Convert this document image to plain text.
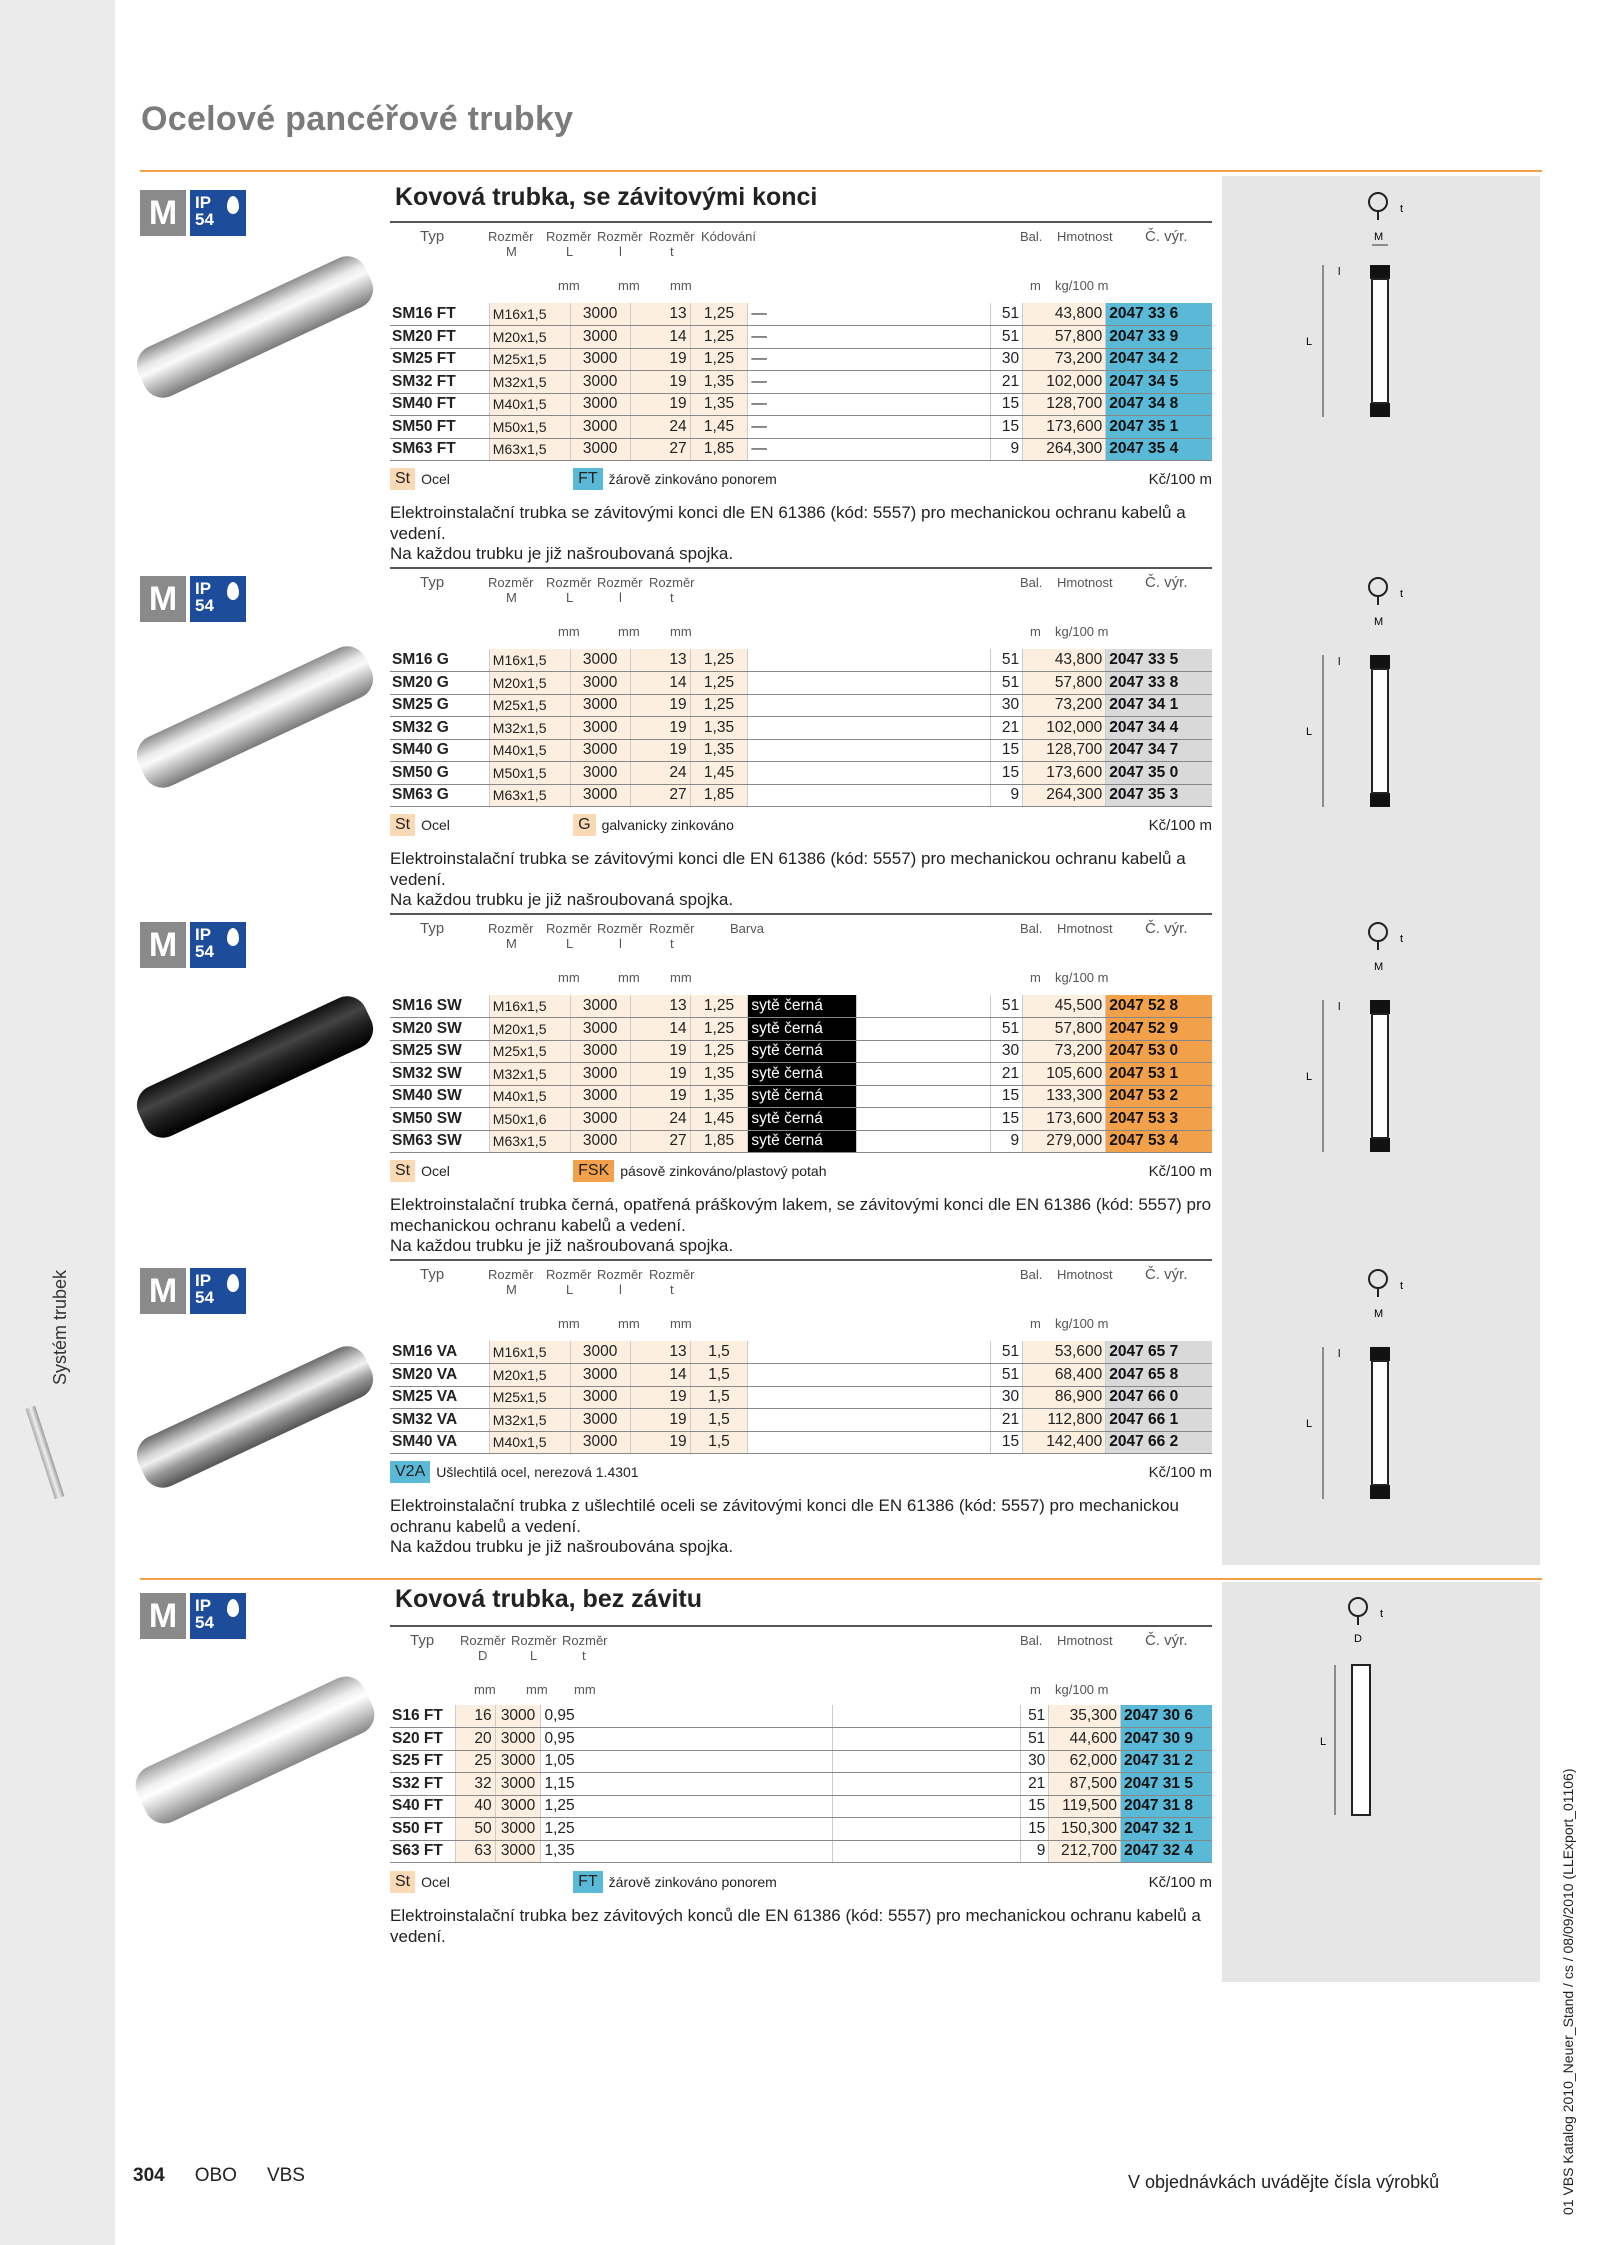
Systém trubek
Ocelové pancéřové trubky
M	IP
54
M	IP
54
M	IP
54
M	IP
54
M	IP
54
Kovová trubka, se závitovými konci
Typ	Rozměr
M
Rozměr
L
Rozměr
l
Rozměr
t
Kódování	Bal. Hmotnost Č. výr.
mm	mm mm	m kg/100 m
SM16 FT	M16x1,5	3000	13	1,25	—	51	43,800	2047 33 6
SM20 FT	M20x1,5	3000	14	1,25	—	51	57,800	2047 33 9
SM25 FT	M25x1,5	3000	19	1,25	—	30	73,200	2047 34 2
SM32 FT	M32x1,5	3000	19	1,35	—	21	102,000	2047 34 5
SM40 FT	M40x1,5	3000	19	1,35	—	15	128,700	2047 34 8
SM50 FT	M50x1,5	3000	24	1,45	—	15	173,600	2047 35 1
SM63 FT	M63x1,5	3000	27	1,85	—	9	264,300	2047 35 4
St Ocel	FT žárově zinkováno ponorem	Kč/100 m
Elektroinstalační trubka se závitovými konci dle EN 61386 (kód: 5557) pro mechanickou ochranu kabelů a vedení.
Na každou trubku je již našroubovaná spojka.
Typ	Rozměr
M
Rozměr
L
Rozměr
l
Rozměr
t
Bal. Hmotnost Č. výr.
mm	mm mm	m kg/100 m
SM16 G	M16x1,5	3000	13	1,25		51	43,800	2047 33 5
SM20 G	M20x1,5	3000	14	1,25		51	57,800	2047 33 8
SM25 G	M25x1,5	3000	19	1,25		30	73,200	2047 34 1
SM32 G	M32x1,5	3000	19	1,35		21	102,000	2047 34 4
SM40 G	M40x1,5	3000	19	1,35		15	128,700	2047 34 7
SM50 G	M50x1,5	3000	24	1,45		15	173,600	2047 35 0
SM63 G	M63x1,5	3000	27	1,85		9	264,300	2047 35 3
St Ocel	G galvanicky zinkováno	Kč/100 m
Elektroinstalační trubka se závitovými konci dle EN 61386 (kód: 5557) pro mechanickou ochranu kabelů a vedení.
Na každou trubku je již našroubovaná spojka.
Typ	Rozměr
M
Rozměr
L
Rozměr
l
Rozměr
t
Barva	Bal. Hmotnost Č. výr.
mm	mm mm	m kg/100 m
SM16 SW	M16x1,5	3000	13	1,25	sytě černá		51	45,500	2047 52 8
SM20 SW	M20x1,5	3000	14	1,25	sytě černá		51	57,800	2047 52 9
SM25 SW	M25x1,5	3000	19	1,25	sytě černá		30	73,200	2047 53 0
SM32 SW	M32x1,5	3000	19	1,35	sytě černá		21	105,600	2047 53 1
SM40 SW	M40x1,5	3000	19	1,35	sytě černá		15	133,300	2047 53 2
SM50 SW	M50x1,6	3000	24	1,45	sytě černá		15	173,600	2047 53 3
SM63 SW	M63x1,5	3000	27	1,85	sytě černá		9	279,000	2047 53 4
St Ocel	FSK pásově zinkováno/plastový potah	Kč/100 m
Elektroinstalační trubka černá, opatřená práškovým lakem, se závitovými konci dle EN 61386 (kód: 5557) pro mechanickou ochranu kabelů a vedení.
Na každou trubku je již našroubovaná spojka.
Typ	Rozměr
M
Rozměr
L
Rozměr
l
Rozměr
t
Bal. Hmotnost Č. výr.
mm	mm mm	m kg/100 m
SM16 VA	M16x1,5	3000	13	1,5		51	53,600	2047 65 7
SM20 VA	M20x1,5	3000	14	1,5		51	68,400	2047 65 8
SM25 VA	M25x1,5	3000	19	1,5		30	86,900	2047 66 0
SM32 VA	M32x1,5	3000	19	1,5		21	112,800	2047 66 1
SM40 VA	M40x1,5	3000	19	1,5		15	142,400	2047 66 2
V2A Ušlechtilá ocel, nerezová 1.4301	Kč/100 m
Elektroinstalační trubka z ušlechtilé oceli se závitovými konci dle EN 61386 (kód: 5557) pro mechanickou ochranu kabelů a vedení.
Na každou trubku je již našroubována spojka.
Kovová trubka, bez závitu
Typ Rozměr
D
Rozměr
L
Rozměr
t
Bal. Hmotnost Č. výr.
mm mm mm	m kg/100 m
S16 FT	16	3000	0,95		51	35,300	2047 30 6
S20 FT	20	3000	0,95		51	44,600	2047 30 9
S25 FT	25	3000	1,05		30	62,000	2047 31 2
S32 FT	32	3000	1,15		21	87,500	2047 31 5
S40 FT	40	3000	1,25		15	119,500	2047 31 8
S50 FT	50	3000	1,25		15	150,300	2047 32 1
S63 FT	63	3000	1,35		9	212,700	2047 32 4
St Ocel	FT žárově zinkováno ponorem	Kč/100 m
Elektroinstalační trubka bez závitových konců dle EN 61386 (kód: 5557) pro mechanickou ochranu kabelů a vedení.
t
M
L
l
t
M
L
l
t
M
L
l
t
M
L
l
t
D
L
304 OBO VBS	V objednávkách uvádějte čísla výrobků	01 VBS Katalog 2010_Neuer_Stand / cs / 08/09/2010 (LLExport_01106)
